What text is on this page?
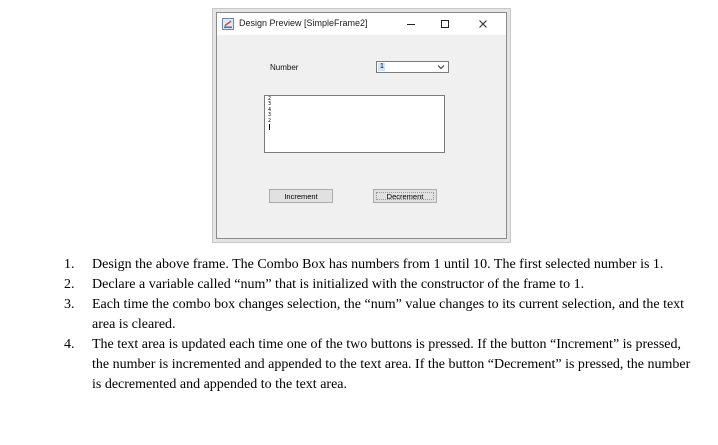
Design Preview [SimpleFrame2]
Number	1
2
3
4
3
2
Increment	Decrement

1. Design the above frame. The Combo Box has numbers from 1 until 10. The first selected number is 1.

2. Declare a variable called “num” that is initialized with the constructor of the frame to 1.

3. Each time the combo box changes selection, the “num” value changes to its current selection, and the text area is cleared.

4. The text area is updated each time one of the two buttons is pressed. If the button “Increment” is pressed, the number is incremented and appended to the text area. If the button “Decrement” is pressed, the number is decremented and appended to the text area.
